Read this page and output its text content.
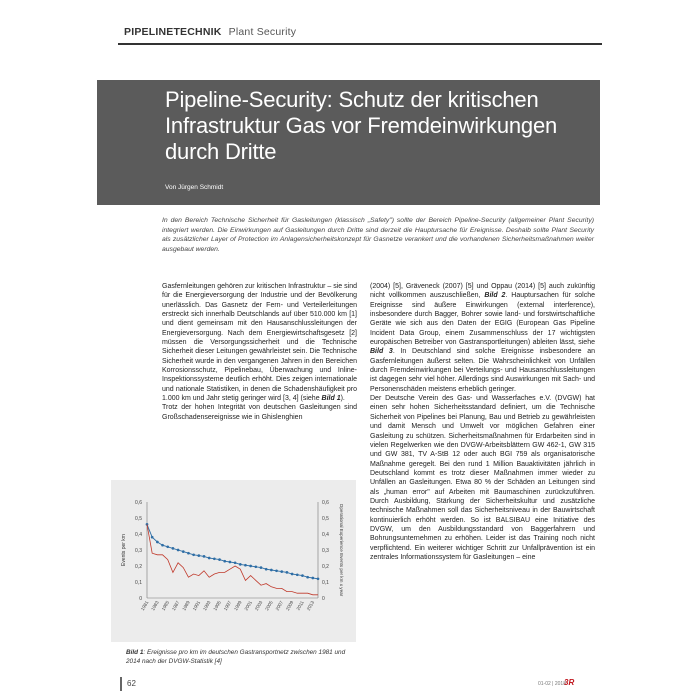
PIPELINETECHNIK Plant Security
Pipeline-Security: Schutz der kritischen Infrastruktur Gas vor Fremdeinwirkungen durch Dritte
Von Jürgen Schmidt
In den Bereich Technische Sicherheit für Gasleitungen (klassisch „Safety") sollte der Bereich Pipeline-Security (allgemeiner Plant Security) integriert werden. Die Einwirkungen auf Gasleitungen durch Dritte sind derzeit die Hauptursache für Ereignisse. Deshalb sollte Plant Security als zusätzlicher Layer of Protection im Anlagensicherheitskonzept für Gasnetze verankert und die vorhandenen Sicherheitsmaßnahmen weiter ausgebaut werden.

Gasfernleitungen gehören zur kritischen Infrastruktur – sie sind für die Energieversorgung der Industrie und der Bevölkerung unerlässlich. Das Gasnetz der Fern- und Verteilerleitungen erstreckt sich innerhalb Deutschlands auf über 510.000 km [1] und dient gemeinsam mit den Hausanschlussleitungen der Energieversorgung. Nach dem Energiewirtschaftsgesetz [2] müssen die Versorgungssicherheit und die Technische Sicherheit dieser Leitungen gewährleistet sein. Die Technische Sicherheit wurde in den vergangenen Jahren in den Bereichen Korrosionsschutz, Pipelinebau, Überwachung und Inline-Inspektionssysteme deutlich erhöht. Dies zeigen internationale und nationale Statistiken, in denen die Schadenshäufigkeit pro 1.000 km und Jahr stetig geringer wird [3, 4] (siehe Bild 1).

Trotz der hohen Integrität von deutschen Gasleitungen sind Großschadensereignisse wie in Ghislenghien

(2004) [5], Gräveneck (2007) [5] und Oppau (2014) [5] auch zukünftig nicht vollkommen auszuschließen, Bild 2. Hauptursachen für solche Ereignisse sind äußere Einwirkungen (external interference), insbesondere durch Bagger, Bohrer sowie land- und forstwirtschaftliche Geräte wie sich aus den Daten der EGIG (European Gas Pipeline Incident Data Group, einem Zusammenschluss der 17 wichtigsten europäischen Betreiber von Gastransportleitungen) ableiten lässt, siehe Bild 3. In Deutschland sind solche Ereignisse insbesondere an Gasfernleitungen äußerst selten. Die Wahrscheinlichkeit von Unfällen durch Fremdeinwirkungen bei Verteilungs- und Hausanschlussleitungen ist dagegen sehr viel höher. Allerdings sind Auswirkungen mit Sach- und Personenschäden meistens erheblich geringer.

Der Deutsche Verein des Gas- und Wasserfaches e.V. (DVGW) hat einen sehr hohen Sicherheitsstandard definiert, um die Technische Sicherheit von Pipelines bei Planung, Bau und Betrieb zu gewährleisten und damit Mensch und Umwelt vor möglichen Gefahren einer Gasleitung zu schützen. Sicherheitsmaßnahmen für Erdarbeiten sind in vielen Regelwerken wie den DVGW-Arbeitsblättern GW 462-1, GW 315 und GW 381, TV A-StB 12 oder auch BGI 759 als organisatorische Maßnahme geregelt. Bei den rund 1 Million Bauaktivitäten jährlich in Deutschland kommt es trotz dieser Maßnahmen immer wieder zu Unfällen an Gasleitungen. Etwa 80 % der Schäden an Leitungen sind als „human error" auf Arbeiten mit Baumaschinen zurückzuführen. Durch Ausbildung, Stärkung der Sicherheitskultur und zusätzliche technische Maßnahmen soll das Sicherheitsniveau in der Bauwirtschaft kontinuierlich erhöht werden. So ist BALSIBAU eine Initiative des DVGW, um den Ausbildungsstandard von Baggerfahrern und Bohrungsunternehmen zu erhöhen. Leider ist das Training noch nicht verpflichtend. Ein weiterer wichtiger Schritt zur Unfallprävention ist ein zentrales Informationssystem für Gasleitungen – eine

0	0
0,1	0,1
0,2	0,2
0,3	0,3
0,4	0,4
0,5	0,5
0,6	0,6
Events per km	Operational Experience Events per km x year
1981 1983 1985 1987 1989 1991 1993 1995 1997 1999 2001 2003 2005 2007 2009 2011 2013
Bild 1: Ereignisse pro km im deutschen Gastransportnetz zwischen 1981 und 2014 nach der DVGW-Statistik [4]
62	01-02 | 2018
3R
